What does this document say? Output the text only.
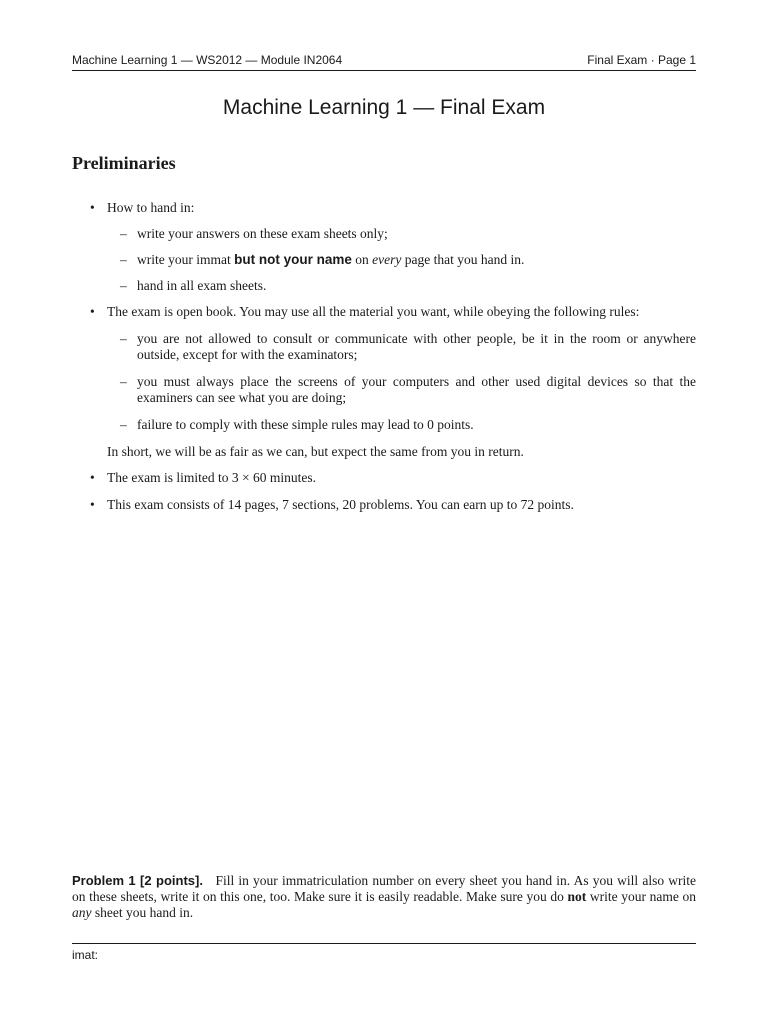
Machine Learning 1 — WS2012 — Module IN2064	Final Exam · Page 1
Machine Learning 1 — Final Exam
Preliminaries
• How to hand in:
– write your answers on these exam sheets only;
– write your immat but not your name on every page that you hand in.
– hand in all exam sheets.
• The exam is open book. You may use all the material you want, while obeying the following rules:
– you are not allowed to consult or communicate with other people, be it in the room or anywhere outside, except for with the examinators;
– you must always place the screens of your computers and other used digital devices so that the examiners can see what you are doing;
– failure to comply with these simple rules may lead to 0 points.
In short, we will be as fair as we can, but expect the same from you in return.
• The exam is limited to 3 × 60 minutes.
• This exam consists of 14 pages, 7 sections, 20 problems. You can earn up to 72 points.
Problem 1 [2 points]. Fill in your immatriculation number on every sheet you hand in. As you will also write on these sheets, write it on this one, too. Make sure it is easily readable. Make sure you do not write your name on any sheet you hand in.
imat:
